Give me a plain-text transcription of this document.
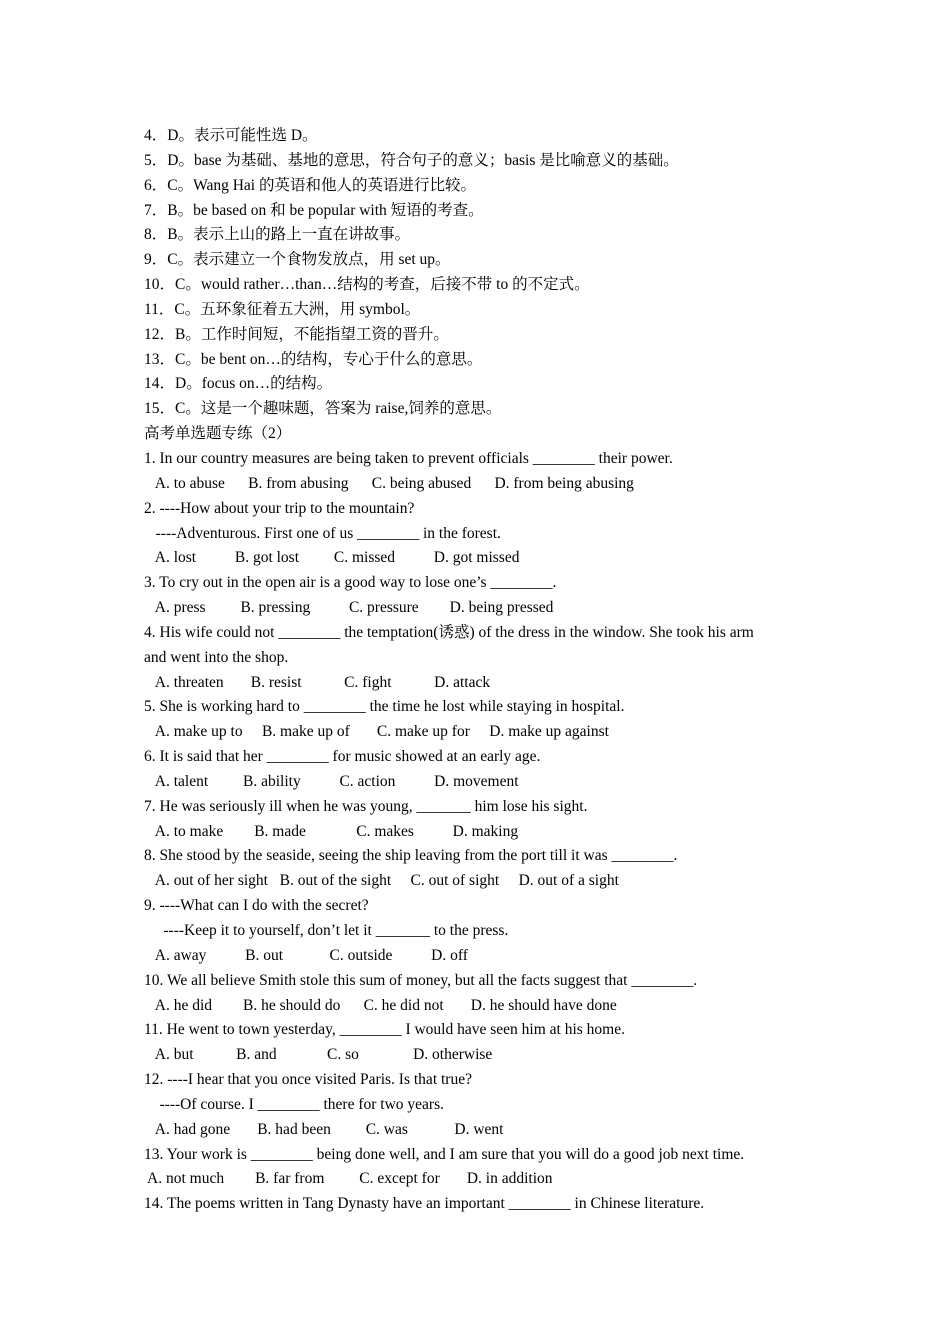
4．D。表示可能性选 D。
5．D。base 为基础、基地的意思，符合句子的意义；basis 是比喻意义的基础。
6．C。Wang Hai 的英语和他人的英语进行比较。
7．B。be based on 和 be popular with 短语的考查。
8．B。表示上山的路上一直在讲故事。
9．C。表示建立一个食物发放点，用 set up。
10．C。would rather…than…结构的考查，后接不带 to 的不定式。
11．C。五环象征着五大洲，用 symbol。
12．B。工作时间短，不能指望工资的晋升。
13．C。be bent on…的结构，专心于什么的意思。
14．D。focus on…的结构。
15．C。这是一个趣味题，答案为 raise,饲养的意思。
高考单选题专练（2）
1. In our country measures are being taken to prevent officials ________ their power.
A. to abuse      B. from abusing      C. being abused      D. from being abusing
2. ----How about your trip to the mountain?
----Adventurous. First one of us ________ in the forest.
A. lost          B. got lost         C. missed          D. got missed
3. To cry out in the open air is a good way to lose one’s ________.
A. press         B. pressing          C. pressure        D. being pressed
4. His wife could not ________ the temptation(诱惑) of the dress in the window. She took his arm
and went into the shop.
A. threaten       B. resist           C. fight           D. attack
5. She is working hard to ________ the time he lost while staying in hospital.
A. make up to     B. make up of       C. make up for     D. make up against
6. It is said that her ________ for music showed at an early age.
A. talent         B. ability          C. action          D. movement
7. He was seriously ill when he was young, _______ him lose his sight.
A. to make        B. made             C. makes          D. making
8. She stood by the seaside, seeing the ship leaving from the port till it was ________.
A. out of her sight   B. out of the sight     C. out of sight     D. out of a sight
9. ----What can I do with the secret?
----Keep it to yourself, don’t let it _______ to the press.
A. away          B. out            C. outside          D. off
10. We all believe Smith stole this sum of money, but all the facts suggest that ________.
A. he did        B. he should do      C. he did not       D. he should have done
11. He went to town yesterday, ________ I would have seen him at his home.
A. but           B. and             C. so              D. otherwise
12. ----I hear that you once visited Paris. Is that true?
----Of course. I ________ there for two years.
A. had gone       B. had been         C. was            D. went
13. Your work is ________ being done well, and I am sure that you will do a good job next time.
A. not much        B. far from         C. except for       D. in addition
14. The poems written in Tang Dynasty have an important ________ in Chinese literature.
